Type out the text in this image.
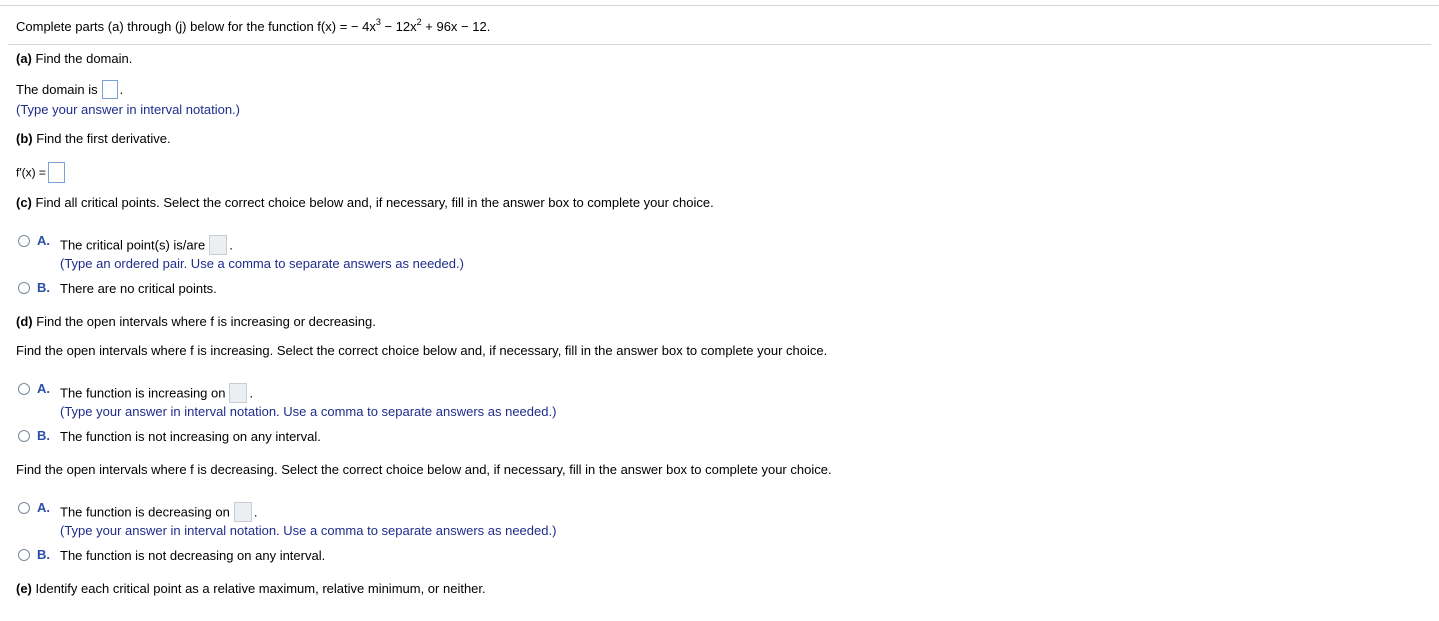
Complete parts (a) through (j) below for the function f(x) = − $4x^3 - 12x^2 + 96x - 12$.
(a) Find the domain.
The domain is .
(Type your answer in interval notation.)
(b) Find the first derivative.
f′(x) =
(c) Find all critical points. Select the correct choice below and, if necessary, fill in the answer box to complete your choice.
A. The critical point(s) is/are .
(Type an ordered pair. Use a comma to separate answers as needed.)
B. There are no critical points.
(d) Find the open intervals where f is increasing or decreasing.
Find the open intervals where f is increasing. Select the correct choice below and, if necessary, fill in the answer box to complete your choice.
A. The function is increasing on .
(Type your answer in interval notation. Use a comma to separate answers as needed.)
B. The function is not increasing on any interval.
Find the open intervals where f is decreasing. Select the correct choice below and, if necessary, fill in the answer box to complete your choice.
A. The function is decreasing on .
(Type your answer in interval notation. Use a comma to separate answers as needed.)
B. The function is not decreasing on any interval.
(e) Identify each critical point as a relative maximum, relative minimum, or neither.
